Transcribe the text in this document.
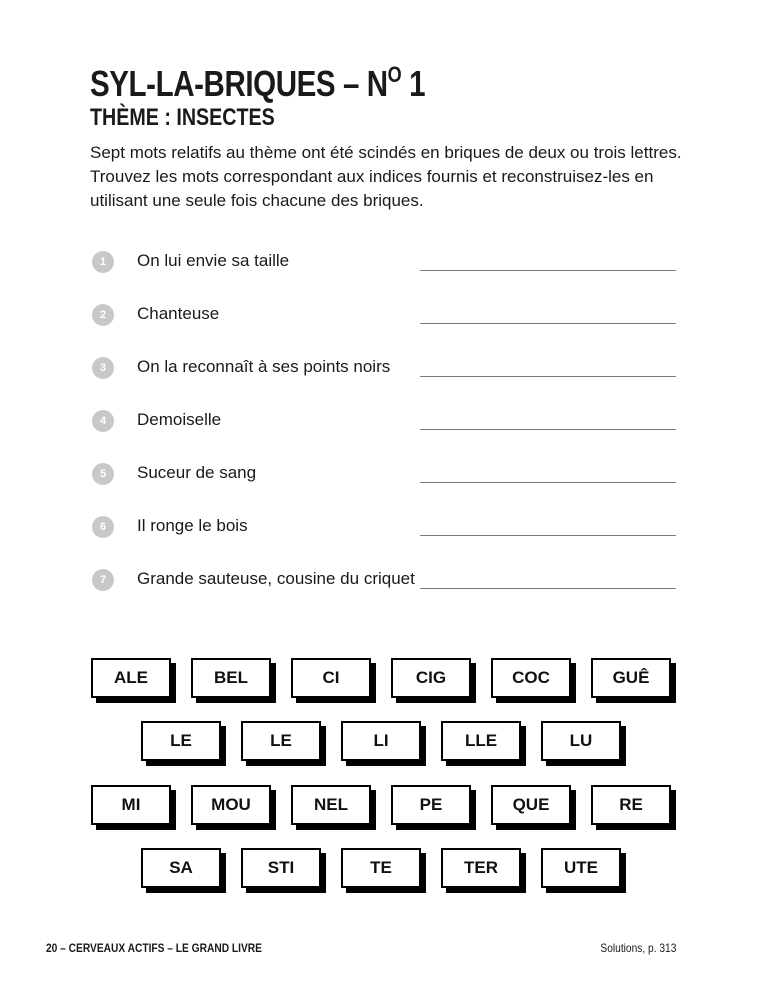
SYL-LA-BRIQUES – $N^O$ 1
THÈME : INSECTES

Sept mots relatifs au thème ont été scindés en briques de deux ou trois lettres. Trouvez les mots correspondant aux indices fournis et reconstruisez-les en utilisant une seule fois chacune des briques.

1	On lui envie sa taille
2	Chanteuse
3	On la reconnaît à ses points noirs
4	Demoiselle
5	Suceur de sang
6	Il ronge le bois
7	Grande sauteuse, cousine du criquet
ALE	BEL	CI	CIG	COC	GUÊ
LE	LE	LI	LLE	LU
MI	MOU	NEL	PE	QUE	RE
SA	STI	TE	TER	UTE
20 – CERVEAUX ACTIFS – LE GRAND LIVRE	Solutions, p. 313
